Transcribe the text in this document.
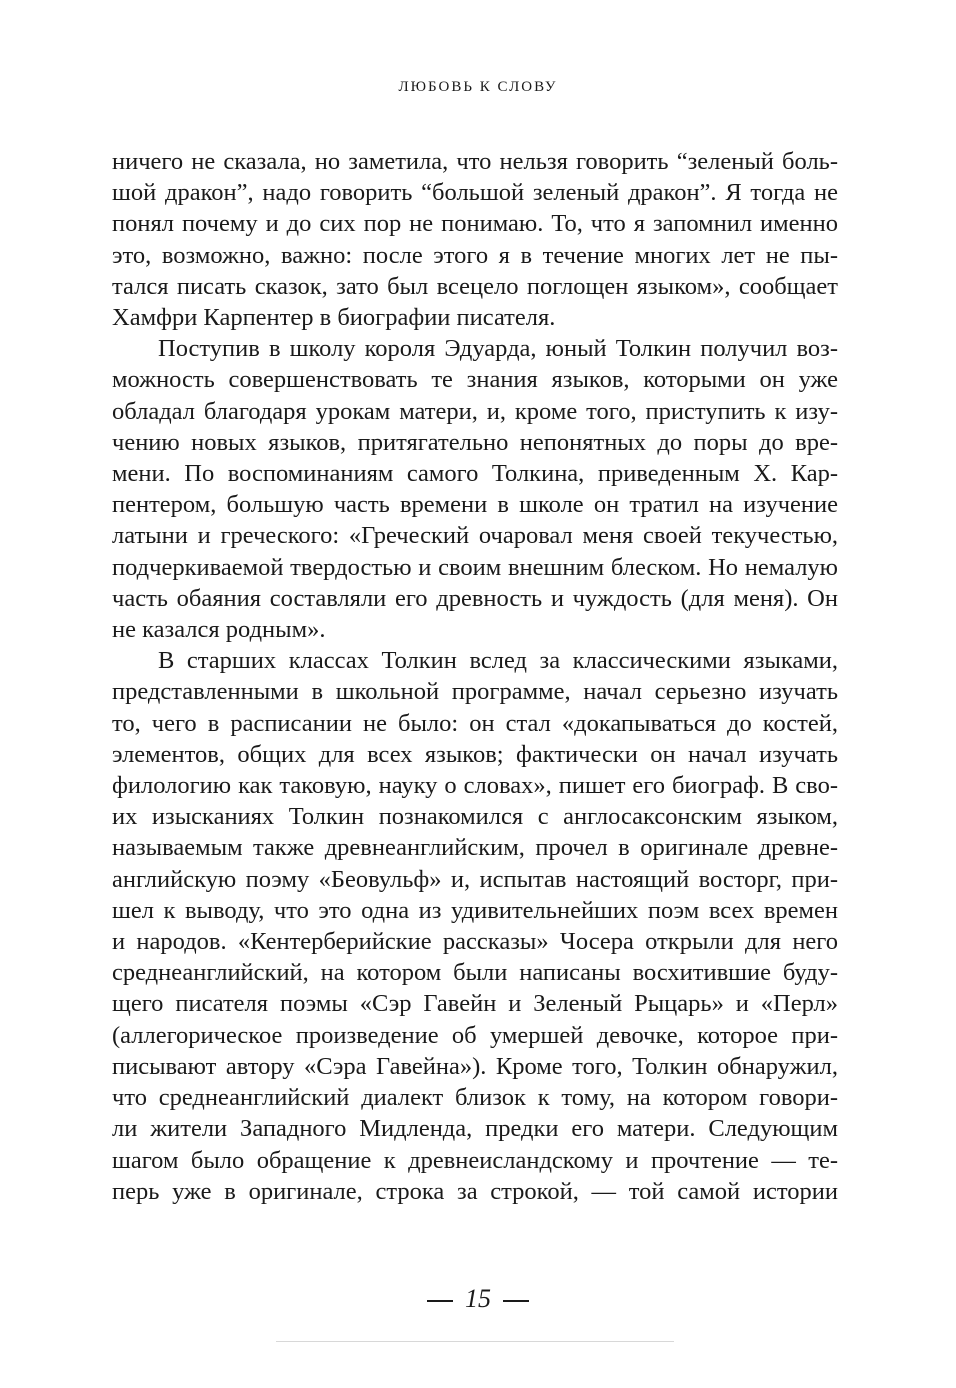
ЛЮБОВЬ К СЛОВУ
ничего не сказала, но заметила, что нельзя говорить “зеленый боль-
шой дракон”, надо говорить “большой зеленый дракон”. Я тогда не
понял почему и до сих пор не понимаю. То, что я запомнил именно
это, возможно, важно: после этого я в течение многих лет не пы-
тался писать сказок, зато был всецело поглощен языком», сообщает
Хамфри Карпентер в биографии писателя.
Поступив в школу короля Эдуарда, юный Толкин получил воз-
можность совершенствовать те знания языков, которыми он уже
обладал благодаря урокам матери, и, кроме того, приступить к изу-
чению новых языков, притягательно непонятных до поры до вре-
мени. По воспоминаниям самого Толкина, приведенным Х. Кар-
пентером, большую часть времени в школе он тратил на изучение
латыни и греческого: «Греческий очаровал меня своей текучестью,
подчеркиваемой твердостью и своим внешним блеском. Но немалую
часть обаяния составляли его древность и чуждость (для меня). Он
не казался родным».
В старших классах Толкин вслед за классическими языками,
представленными в школьной программе, начал серьезно изучать
то, чего в расписании не было: он стал «докапываться до костей,
элементов, общих для всех языков; фактически он начал изучать
филологию как таковую, науку о словах», пишет его биограф. В сво-
их изысканиях Толкин познакомился с англосаксонским языком,
называемым также древнеанглийским, прочел в оригинале древне-
английскую поэму «Беовульф» и, испытав настоящий восторг, при-
шел к выводу, что это одна из удивительнейших поэм всех времен
и народов. «Кентерберийские рассказы» Чосера открыли для него
среднеанглийский, на котором были написаны восхитившие буду-
щего писателя поэмы «Сэр Гавейн и Зеленый Рыцарь» и «Перл»
(аллегорическое произведение об умершей девочке, которое при-
писывают автору «Сэра Гавейна»). Кроме того, Толкин обнаружил,
что среднеанглийский диалект близок к тому, на котором говори-
ли жители Западного Мидленда, предки его матери. Следующим
шагом было обращение к древнеисландскому и прочтение — те-
перь уже в оригинале, строка за строкой, — той самой истории
15
